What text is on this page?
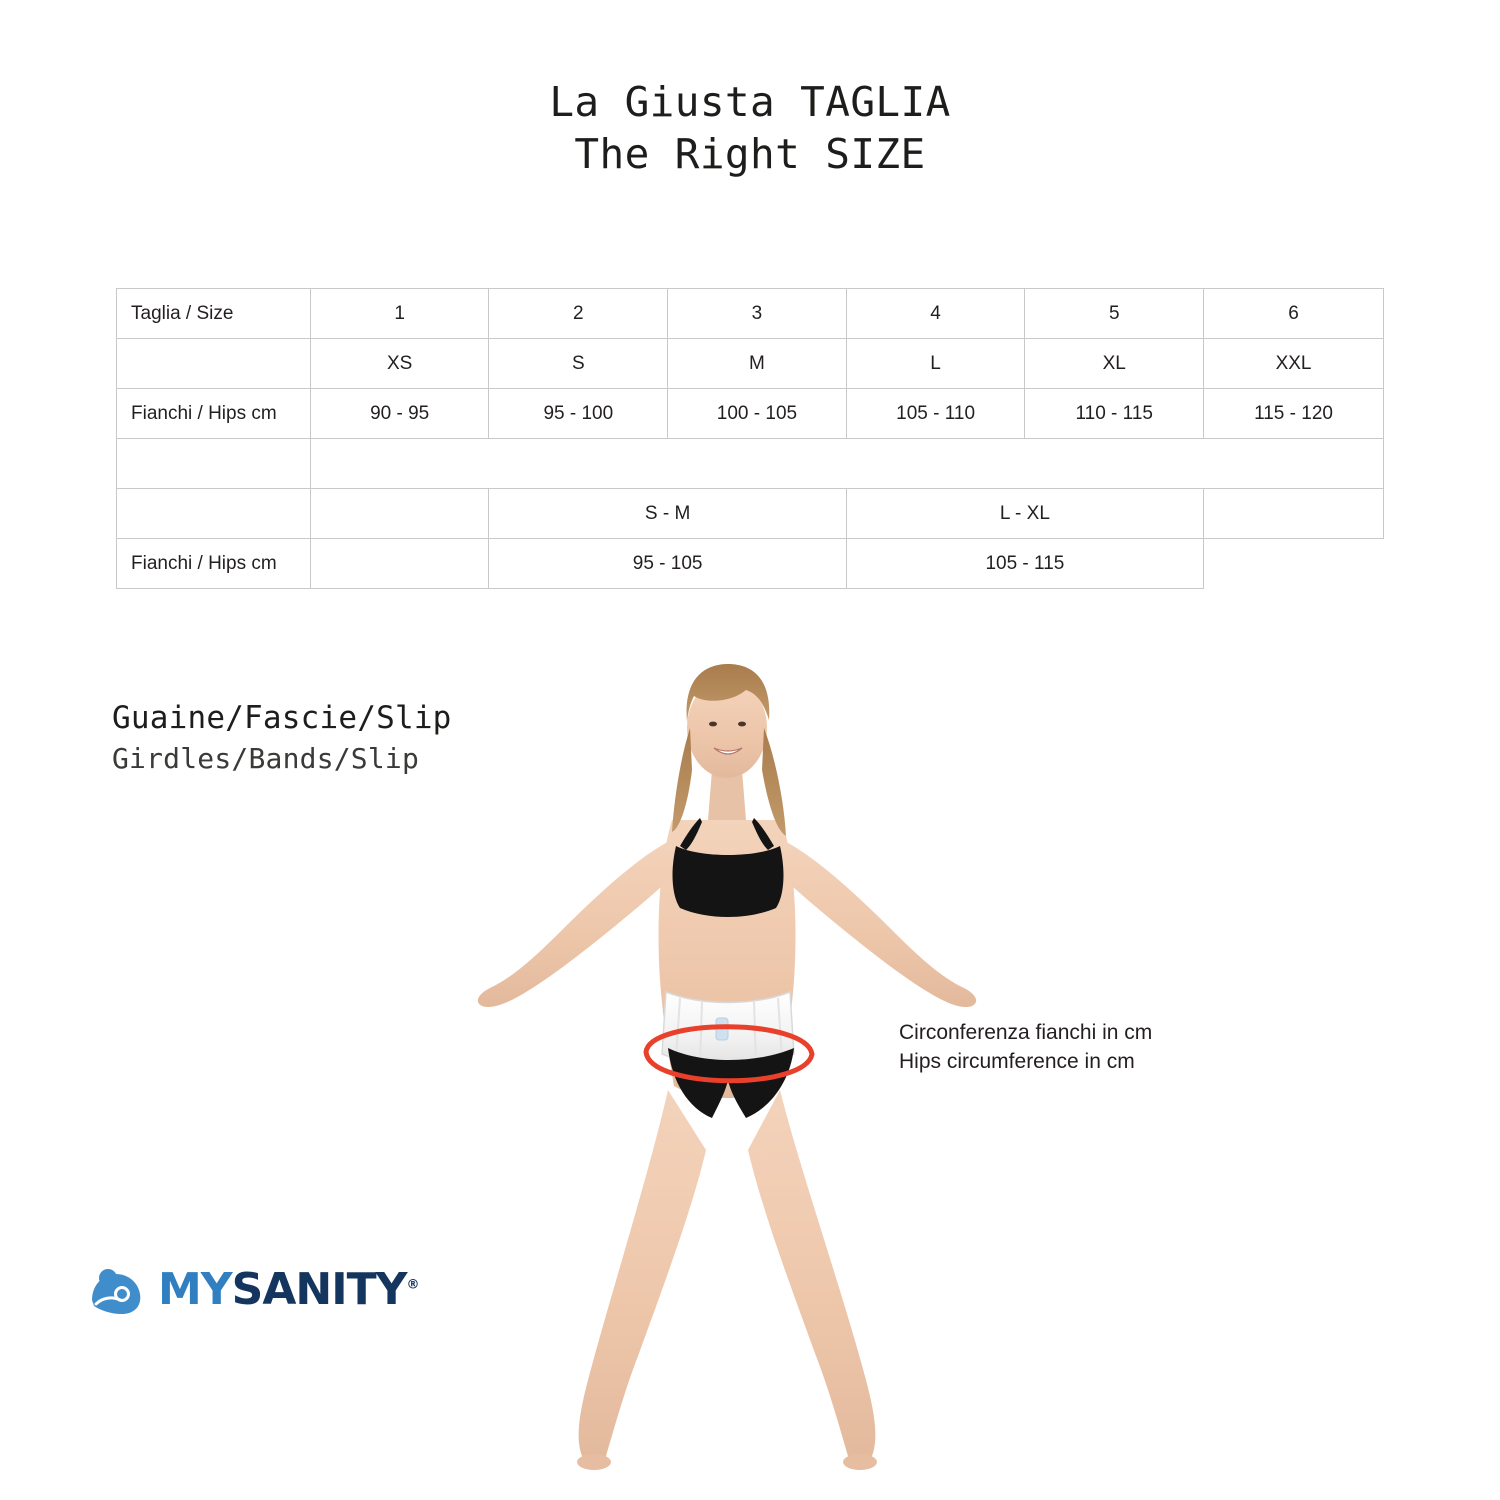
La Giusta TAGLIA
The Right SIZE
Taglia / Size	1	2	3	4	5	6
	XS	S	M	L	XL	XXL
Fianchi / Hips cm	90 - 95	95 - 100	100 - 105	105 - 110	110 - 115	115 - 120

		S - M		L - XL		
Fianchi / Hips cm		95 - 105		105 - 115		
Guaine/Fascie/Slip
Girdles/Bands/Slip
Circonferenza fianchi in cm
Hips circumference in cm
MYSANITY®
